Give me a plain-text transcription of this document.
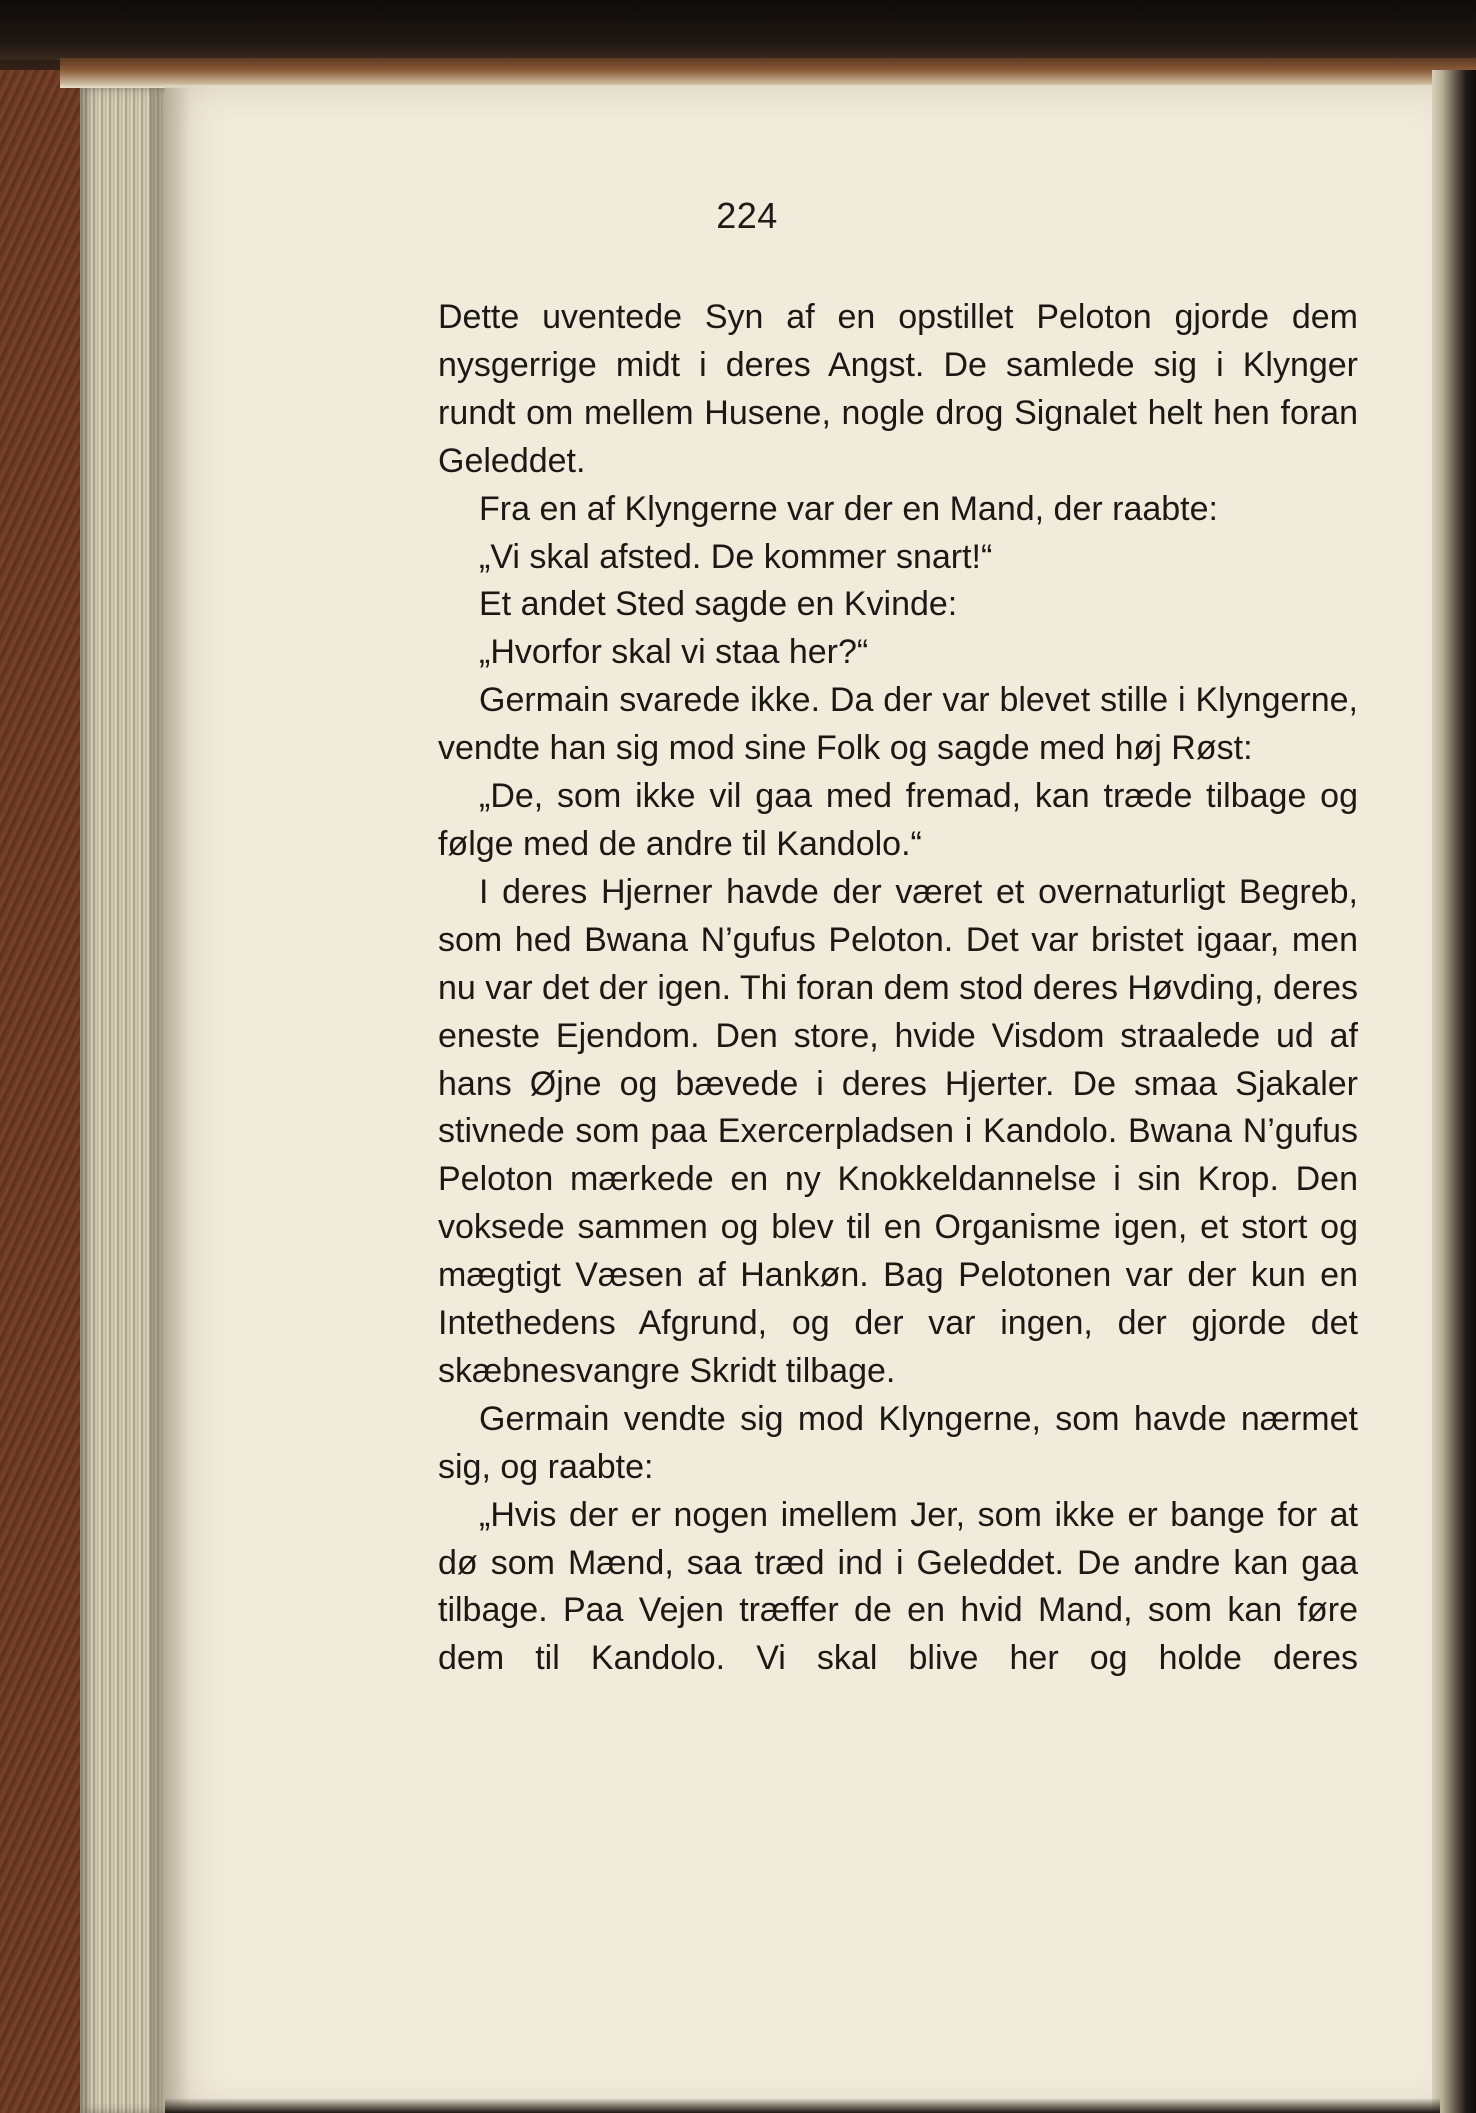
224

Dette uventede Syn af en opstillet Peloton gjorde dem nysgerrige midt i deres Angst. De samlede sig i Klynger rundt om mellem Husene, nogle drog Signalet helt hen foran Geleddet.

Fra en af Klyngerne var der en Mand, der raabte:

„Vi skal afsted. De kommer snart!“

Et andet Sted sagde en Kvinde:

„Hvorfor skal vi staa her?“

Germain svarede ikke. Da der var blevet stille i Klyngerne, vendte han sig mod sine Folk og sagde med høj Røst:

„De, som ikke vil gaa med fremad, kan træde tilbage og følge med de andre til Kandolo.“

I deres Hjerner havde der været et overnaturligt Begreb, som hed Bwana N’gufus Peloton. Det var bristet igaar, men nu var det der igen. Thi foran dem stod deres Høvding, deres eneste Ejendom. Den store, hvide Visdom straalede ud af hans Øjne og bævede i deres Hjerter. De smaa Sjakaler stivnede som paa Exercerpladsen i Kandolo. Bwana N’gufus Peloton mærkede en ny Knokkeldannelse i sin Krop. Den voksede sammen og blev til en Organisme igen, et stort og mægtigt Væsen af Hankøn. Bag Pelotonen var der kun en Intethedens Afgrund, og der var ingen, der gjorde det skæbnesvangre Skridt tilbage.

Germain vendte sig mod Klyngerne, som havde nærmet sig, og raabte:

„Hvis der er nogen imellem Jer, som ikke er bange for at dø som Mænd, saa træd ind i Geleddet. De andre kan gaa tilbage. Paa Vejen træffer de en hvid Mand, som kan føre dem til Kandolo. Vi skal blive her og holde deres
